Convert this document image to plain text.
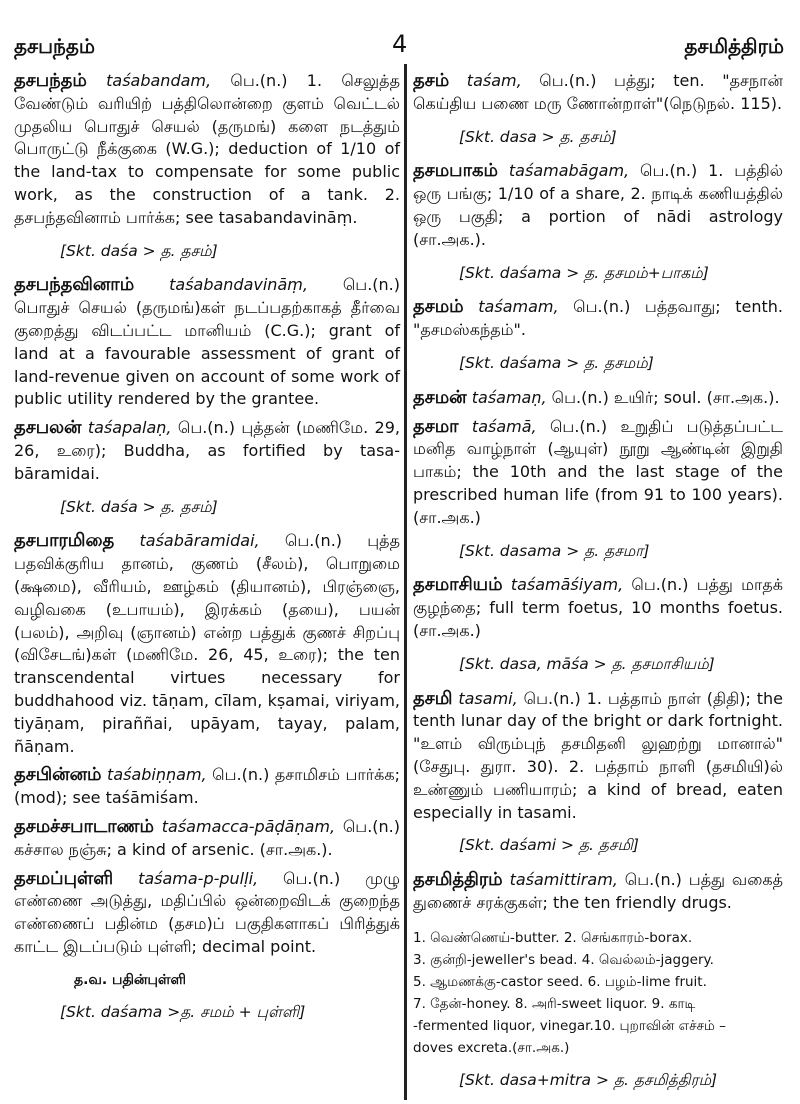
தசபந்தம்	4	தசமித்திரம்
தசபந்தம் taśabandam, பெ.(n.) 1. செலுத்த வேண்டும் வரியிற் பத்திலொன்றை குளம் வெட்டல் முதலிய பொதுச் செயல் (தருமங்) களை நடத்தும் பொருட்டு நீக்குகை (W.G.); deduction of 1/10 of the land-tax to compensate for some public work, as the construction of a tank. 2. தசபந்தவினாம் பார்க்க; see tasabandavināṃ.
[Skt. daśa > த. தசம்]
தசபந்தவினாம் taśabandavināṃ, பெ.(n.) பொதுச் செயல் (தருமங்)கள் நடப்பதற்காகத் தீர்வை குறைத்து விடப்பட்ட மானியம் (C.G.); grant of land at a favourable assessment of grant of land-revenue given on account of some work of public utility rendered by the grantee.
தசபலன் taśapalaṇ, பெ.(n.) புத்தன் (மணிமே. 29, 26, உரை); Buddha, as fortified by tasa-bāramidai.
[Skt. daśa > த. தசம்]
தசபாரமிதை taśabāramidai, பெ.(n.) புத்த பதவிக்குரிய தானம், குணம் (சீலம்), பொறுமை (க்ஷமை), வீரியம், ஊழ்கம் (தியானம்), பிரஞ்ஞை, வழிவகை (உபாயம்), இரக்கம் (தயை), பயன் (பலம்), அறிவு (ஞானம்) என்ற பத்துக் குணச் சிறப்பு (விசேடங்)கள் (மணிமே. 26, 45, உரை); the ten transcendental virtues necessary for buddhahood viz. tāṇam, cīlam, kṣamai, viriyam, tiyāṇam, piraññai, upāyam, tayay, palam, ñāṇam.
தசபின்னம் taśabiṇṇam, பெ.(n.) தசாமிசம் பார்க்க; (mod); see taśāmiśam.
தசமச்சபாடாணம் taśamacca-pāḍāṇam, பெ.(n.) கச்சால நஞ்சு; a kind of arsenic. (சா.அக.).
தசமப்புள்ளி taśama-p-pulḷi, பெ.(n.) முழு எண்ணை அடுத்து, மதிப்பில் ஒன்றைவிடக் குறைந்த எண்ணைப் பதின்ம (தசம)ப் பகுதிகளாகப் பிரித்துக் காட்ட இடப்படும் புள்ளி; decimal point.
த.வ. பதின்புள்ளி
[Skt. daśama >த. சமம் + புள்ளி]
தசம் taśam, பெ.(n.) பத்து; ten. "தசநான் கெய்திய பணை மரு ணோன்றாள்"(நெடுநல். 115).
[Skt. dasa > த. தசம்]
தசமபாகம் taśamabāgam, பெ.(n.) 1. பத்தில் ஒரு பங்கு; 1/10 of a share, 2. நாடிக் கணியத்தில் ஒரு பகுதி; a portion of nādi astrology (சா.அக.).
[Skt. daśama > த. தசமம்+பாகம்]
தசமம் taśamam, பெ.(n.) பத்தவாது; tenth. "தசமஸ்கந்தம்".
[Skt. daśama > த. தசமம்]
தசமன் taśamaṇ, பெ.(n.) உயிர்; soul. (சா.அக.).
தசமா taśamā, பெ.(n.) உறுதிப் படுத்தப்பட்ட மனித வாழ்நாள் (ஆயுள்) நூறு ஆண்டின் இறுதி பாகம்; the 10th and the last stage of the prescribed human life (from 91 to 100 years). (சா.அக.)
[Skt. dasama > த. தசமா]
தசமாசியம் taśamāśiyam, பெ.(n.) பத்து மாதக் குழந்தை; full term foetus, 10 months foetus. (சா.அக.)
[Skt. dasa, māśa > த. தசமாசியம்]
தசமி tasami, பெ.(n.) 1. பத்தாம் நாள் (திதி); the tenth lunar day of the bright or dark fortnight. "உளம் விரும்புந் தசமிதனி லுஹற்று மானால்" (சேதுபு. துரா. 30). 2. பத்தாம் நாளி (தசமியி)ல் உண்ணும் பணியாரம்; a kind of bread, eaten especially in tasami.
[Skt. daśami > த. தசமி]
தசமித்திரம் taśamittiram, பெ.(n.) பத்து வகைத் துணைச் சரக்குகள்; the ten friendly drugs.
1. வெண்ணெய்-butter. 2. செங்காரம்-borax.
3. குன்றி-jeweller's bead. 4. வெல்லம்-jaggery.
5. ஆமணக்கு-castor seed. 6. பழம்-lime fruit.
7. தேன்-honey. 8. அரி-sweet liquor. 9. காடி
-fermented liquor, vinegar.10. புறாவின் எச்சம் –
doves excreta.(சா.அக.)
[Skt. dasa+mitra > த. தசமித்திரம்]
